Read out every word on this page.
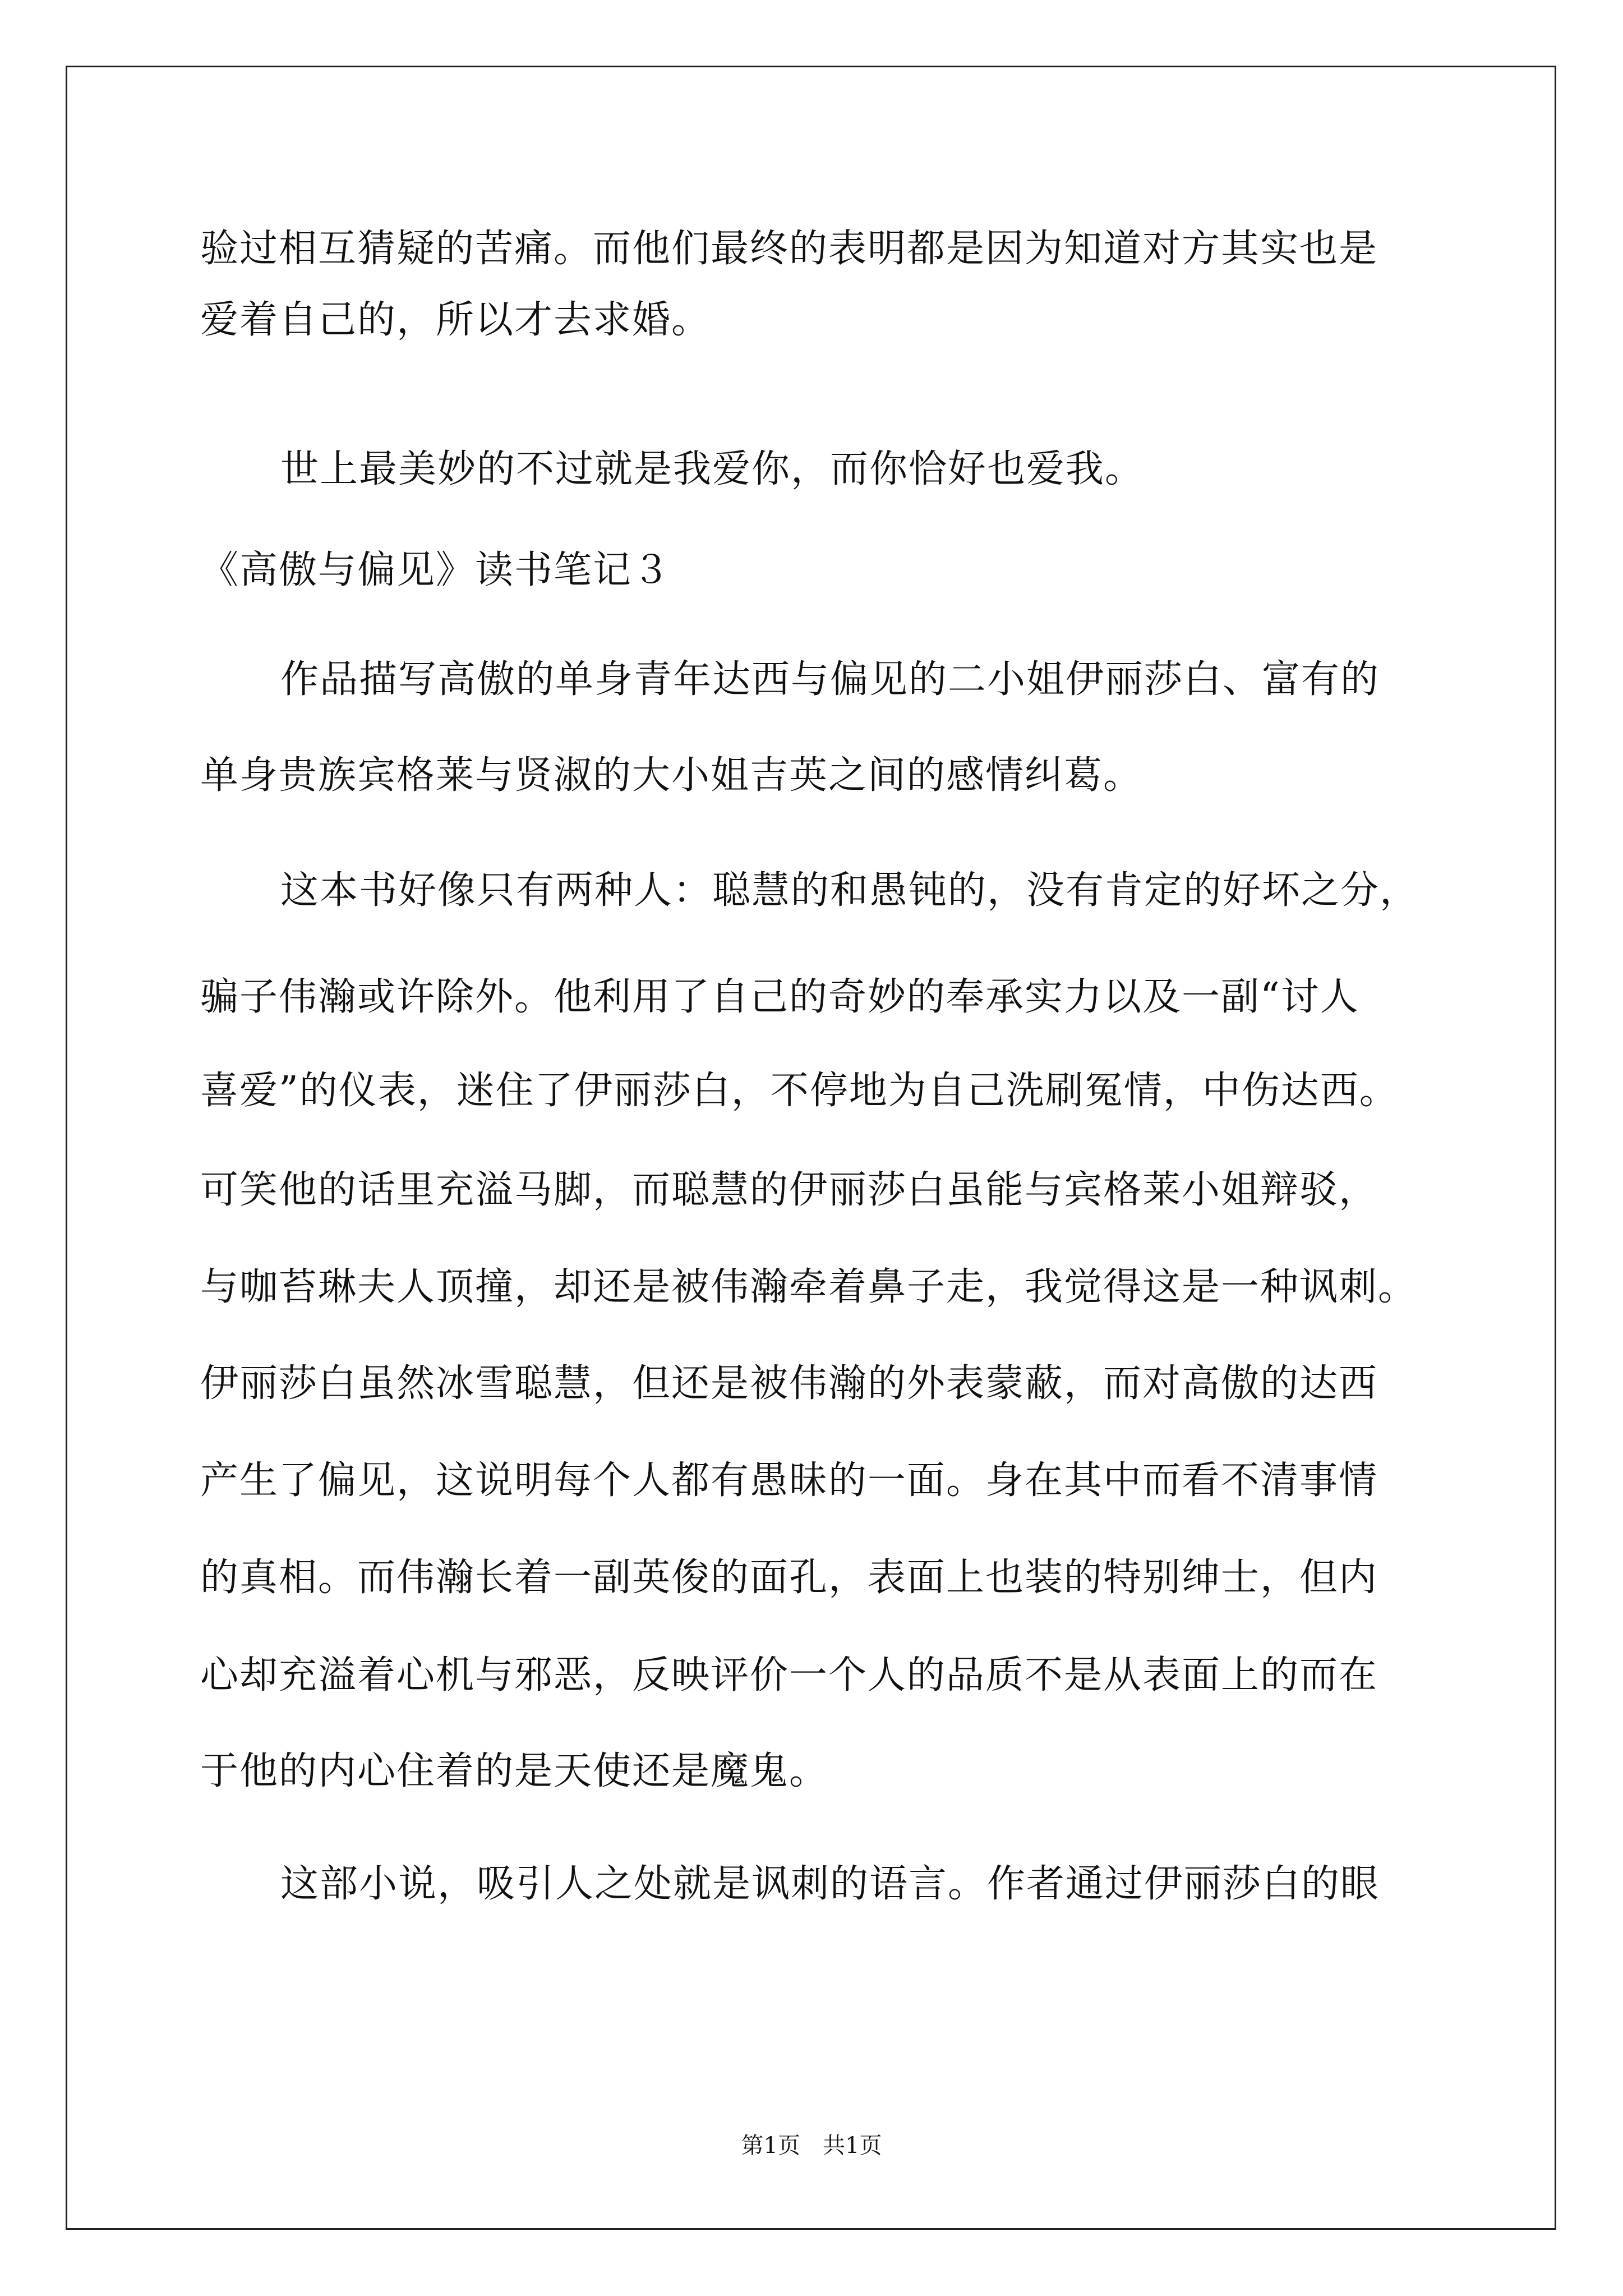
验过相互猜疑的苦痛。而他们最终的表明都是因为知道对方其实也是
爱着自己的，所以才去求婚。
世上最美妙的不过就是我爱你，而你恰好也爱我。
《高傲与偏见》读书笔记３
作品描写高傲的单身青年达西与偏见的二小姐伊丽莎白、富有的
单身贵族宾格莱与贤淑的大小姐吉英之间的感情纠葛。
这本书好像只有两种人：聪慧的和愚钝的，没有肯定的好坏之分，
骗子伟瀚或许除外。他利用了自己的奇妙的奉承实力以及一副“讨人
喜爱”的仪表，迷住了伊丽莎白，不停地为自己洗刷冤情，中伤达西。
可笑他的话里充溢马脚，而聪慧的伊丽莎白虽能与宾格莱小姐辩驳，
与咖苔琳夫人顶撞，却还是被伟瀚牵着鼻子走，我觉得这是一种讽刺。
伊丽莎白虽然冰雪聪慧，但还是被伟瀚的外表蒙蔽，而对高傲的达西
产生了偏见，这说明每个人都有愚昧的一面。身在其中而看不清事情
的真相。而伟瀚长着一副英俊的面孔，表面上也装的特别绅士，但内
心却充溢着心机与邪恶，反映评价一个人的品质不是从表面上的而在
于他的内心住着的是天使还是魔鬼。
这部小说，吸引人之处就是讽刺的语言。作者通过伊丽莎白的眼
第1页　共1页
